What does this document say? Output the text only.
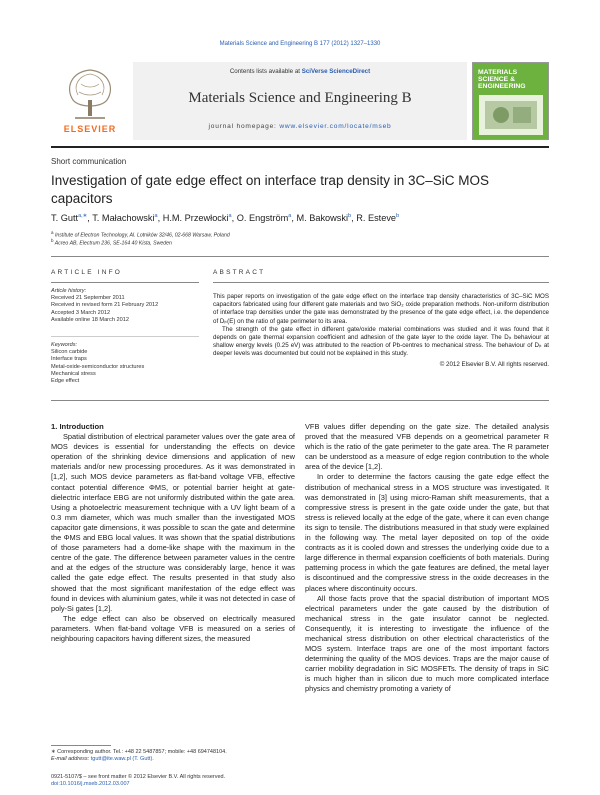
Materials Science and Engineering B 177 (2012) 1327–1330
ELSEVIER
Contents lists available at SciVerse ScienceDirect
Materials Science and Engineering B
journal homepage: www.elsevier.com/locate/mseb
MATERIALS SCIENCE & ENGINEERING
Short communication
Investigation of gate edge effect on interface trap density in 3C–SiC MOS capacitors
T. Gutt$^{a,∗}$, T. Małachowski$^a$, H.M. Przewłocki$^a$, O. Engström$^a$, M. Bakowski$^b$, R. Esteve$^b$
$^a$ Institute of Electron Technology, Al. Lotników 32/46, 02-668 Warsaw, Poland
$^b$ Acreo AB, Electrum 236, SE-164 40 Kista, Sweden
ARTICLE INFO
Article history:
Received 21 September 2011
Received in revised form 21 February 2012
Accepted 3 March 2012
Available online 18 March 2012
Keywords:
Silicon carbide
Interface traps
Metal-oxide-semiconductor structures
Mechanical stress
Edge effect
ABSTRACT

This paper reports on investigation of the gate edge effect on the interface trap density characteristics of 3C–SiC MOS capacitors fabricated using four different gate materials and two SiO₂ oxide preparation methods. Non-uniform distribution of interface trap densities under the gate was demonstrated by the presence of the gate edge effect, i.e. the dependence of Dᵢₜ(E) on the ratio of gate perimeter to its area.

The strength of the gate effect in different gate/oxide material combinations was studied and it was found that it depends on gate thermal expansion coefficient and adhesion of the gate layer to the oxide layer. The Dᵢₜ behaviour at shallow energy levels (0.25 eV) was attributed to the reaction of Pb-centres to mechanical stress. The behaviour of Dᵢₜ at deeper levels was documented but could not be explained in this study.

© 2012 Elsevier B.V. All rights reserved.

1. Introduction

Spatial distribution of electrical parameter values over the gate area of MOS devices is essential for understanding the effects on device operation of the shrinking device dimensions and application of new materials and/or new processing procedures. As it was demonstrated in [1,2], such MOS device parameters as flat-band voltage VFB, effective contact potential difference ΦMS, or potential barrier height at gate-dielectric interface EBG are not uniformly distributed within the gate area. Using a photoelectric measurement technique with a UV light beam of a 0.3 mm diameter, which was much smaller than the investigated MOS capacitor gate dimensions, it was possible to scan the gate and determine the ΦMS and EBG local values. It was shown that the spatial distributions of those parameters had a dome-like shape with the maximum in the centre of the gate. The difference between parameter values in the centre and at the edges of the structure was considerably large, hence it was called the gate edge effect. The results presented in that study also showed that the most significant manifestation of the edge effect was found in devices with aluminium gates, while it was not detected in case of poly-Si gates [1,2].

The edge effect can also be observed on electrically measured parameters. When flat-band voltage VFB is measured on a series of neighbouring capacitors having different sizes, the measured

VFB values differ depending on the gate size. The detailed analysis proved that the measured VFB depends on a geometrical parameter R which is the ratio of the gate perimeter to the gate area. The R parameter can be understood as a measure of edge region contribution to the whole area of the device [1,2].

In order to determine the factors causing the gate edge effect the distribution of mechanical stress in a MOS structure was investigated. It was demonstrated in [3] using micro-Raman shift measurements, that a compressive stress is present in the gate oxide under the gate, but that stress is relieved locally at the edge of the gate, where it can even change its sign to tensile. The distributions measured in that study were explained in the following way. The metal layer deposited on top of the oxide contracts as it is cooled down and stresses the underlying oxide due to a large difference in thermal expansion coefficients of both materials. During patterning process in which the gate features are defined, the metal layer is discontinued and the compressive stress in the oxide decreases in the places where discontinuity occurs.

All those facts prove that the spacial distribution of important MOS electrical parameters under the gate caused by the distribution of mechanical stress in the gate insulator cannot be neglected. Consequently, it is interesting to investigate the influence of the mechanical stress distribution on other electrical characteristics of the MOS system. Interface traps are one of the most important factors determining the quality of the MOS devices. Traps are the major cause of carrier mobility degradation in SiC MOSFETs. The density of traps in SiC is much higher than in silicon due to much more complicated interface physics and chemistry promoting a variety of

∗ Corresponding author. Tel.: +48 22 5487857; mobile: +48 694748104.
E-mail address: tgutt@ite.waw.pl (T. Gutt).
0921-5107/$ – see front matter © 2012 Elsevier B.V. All rights reserved.
doi:10.1016/j.mseb.2012.03.007
